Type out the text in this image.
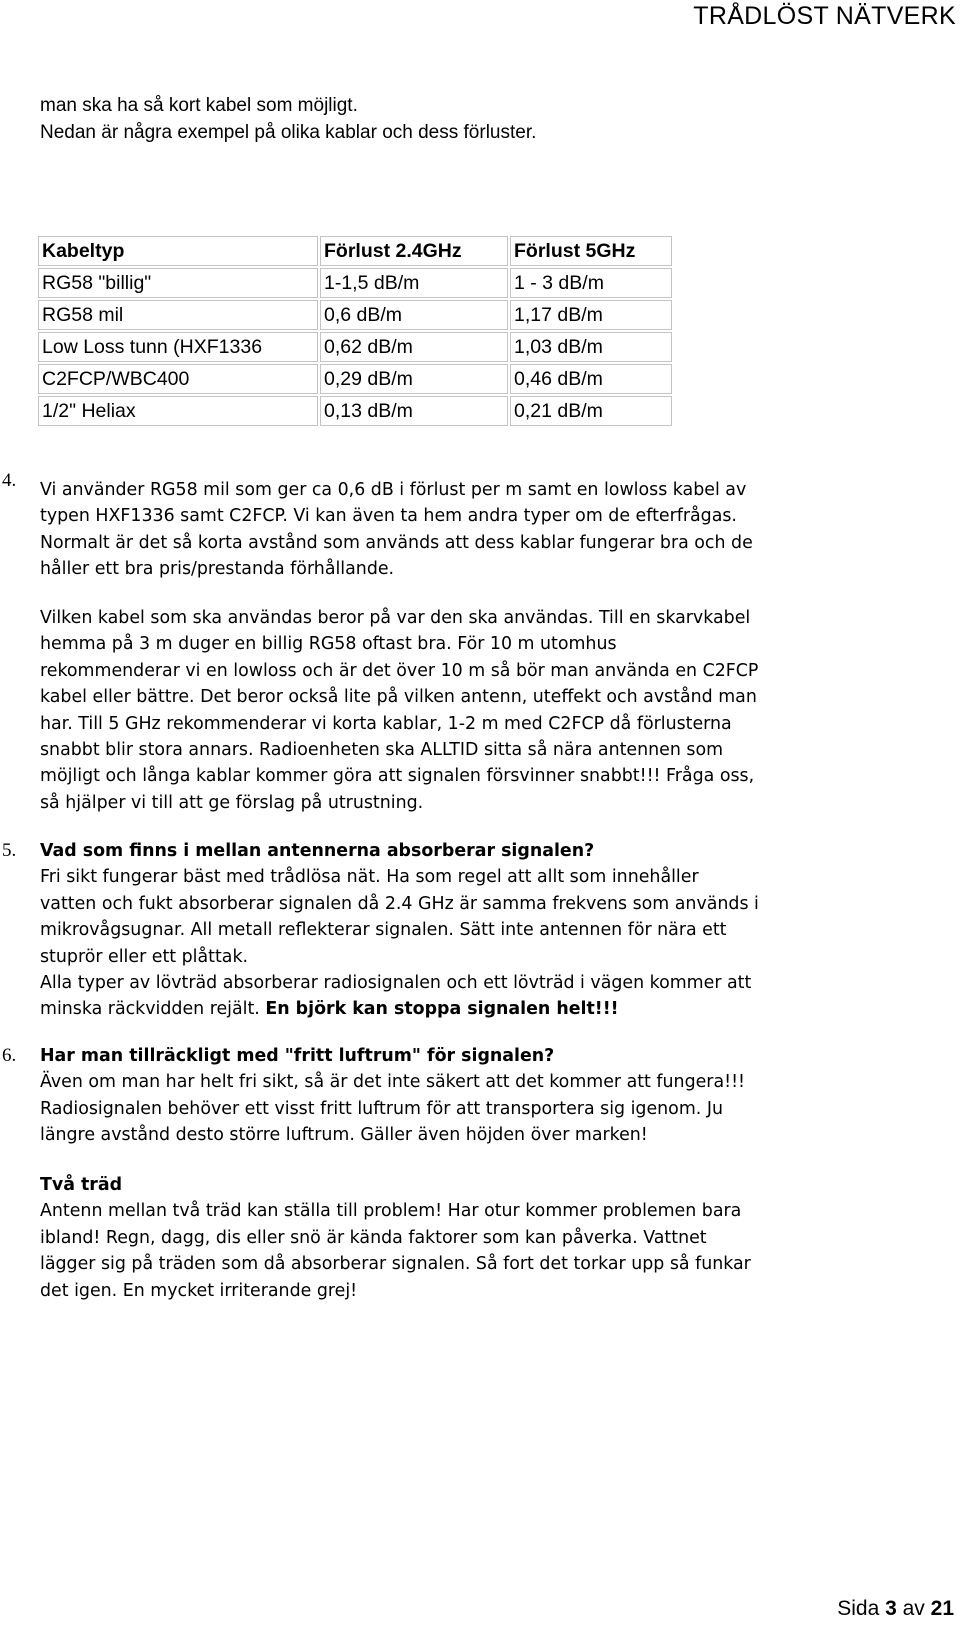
TRÅDLÖST NÄTVERK
man ska ha så kort kabel som möjligt.
Nedan är några exempel på olika kablar och dess förluster.
Kabeltyp	Förlust 2.4GHz	Förlust 5GHz
RG58 "billig"	1-1,5 dB/m	1 - 3 dB/m
RG58 mil	0,6 dB/m	1,17 dB/m
Low Loss tunn (HXF1336	0,62 dB/m	1,03 dB/m
C2FCP/WBC400	0,29 dB/m	0,46 dB/m
1/2" Heliax	0,13 dB/m	0,21 dB/m
4. Vi använder RG58 mil som ger ca 0,6 dB i förlust per m samt en lowloss kabel av
typen HXF1336 samt C2FCP. Vi kan även ta hem andra typer om de efterfrågas.
Normalt är det så korta avstånd som används att dess kablar fungerar bra och de
håller ett bra pris/prestanda förhållande.
Vilken kabel som ska användas beror på var den ska användas. Till en skarvkabel
hemma på 3 m duger en billig RG58 oftast bra. För 10 m utomhus
rekommenderar vi en lowloss och är det över 10 m så bör man använda en C2FCP
kabel eller bättre. Det beror också lite på vilken antenn, uteffekt och avstånd man
har. Till 5 GHz rekommenderar vi korta kablar, 1-2 m med C2FCP då förlusterna
snabbt blir stora annars. Radioenheten ska ALLTID sitta så nära antennen som
möjligt och långa kablar kommer göra att signalen försvinner snabbt!!! Fråga oss,
så hjälper vi till att ge förslag på utrustning.
5. Vad som finns i mellan antennerna absorberar signalen?
Fri sikt fungerar bäst med trådlösa nät. Ha som regel att allt som innehåller
vatten och fukt absorberar signalen då 2.4 GHz är samma frekvens som används i
mikrovågsugnar. All metall reflekterar signalen. Sätt inte antennen för nära ett
stuprör eller ett plåttak.
Alla typer av lövträd absorberar radiosignalen och ett lövträd i vägen kommer att
minska räckvidden rejält. En björk kan stoppa signalen helt!!!
6. Har man tillräckligt med "fritt luftrum" för signalen?
Även om man har helt fri sikt, så är det inte säkert att det kommer att fungera!!!
Radiosignalen behöver ett visst fritt luftrum för att transportera sig igenom. Ju
längre avstånd desto större luftrum. Gäller även höjden över marken!
Två träd
Antenn mellan två träd kan ställa till problem! Har otur kommer problemen bara
ibland! Regn, dagg, dis eller snö är kända faktorer som kan påverka. Vattnet
lägger sig på träden som då absorberar signalen. Så fort det torkar upp så funkar
det igen. En mycket irriterande grej!
Sida 3 av 21
